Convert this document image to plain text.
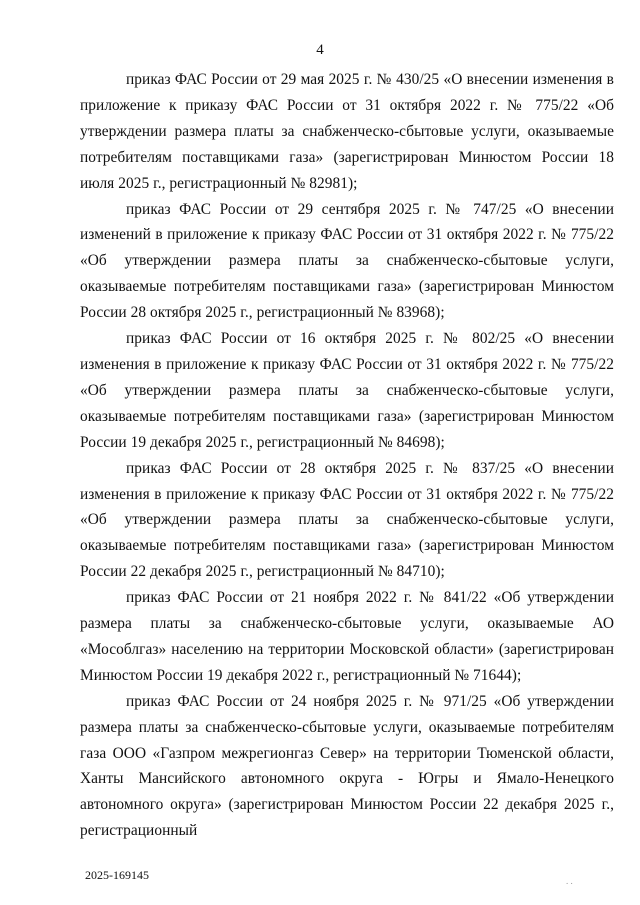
4

приказ ФАС России от 29 мая 2025 г. № 430/25 «О внесении изменения в приложение к приказу ФАС России от 31 октября 2022 г. № 775/22 «Об утверждении размера платы за снабженческо-сбытовые услуги, оказываемые потребителям поставщиками газа» (зарегистрирован Минюстом России 18 июля 2025 г., регистрационный № 82981);

приказ ФАС России от 29 сентября 2025 г. № 747/25 «О внесении изменений в приложение к приказу ФАС России от 31 октября 2022 г. № 775/22 «Об утверждении размера платы за снабженческо-сбытовые услуги, оказываемые потребителям поставщиками газа» (зарегистрирован Минюстом России 28 октября 2025 г., регистрационный № 83968);

приказ ФАС России от 16 октября 2025 г. № 802/25 «О внесении изменения в приложение к приказу ФАС России от 31 октября 2022 г. № 775/22 «Об утверждении размера платы за снабженческо-сбытовые услуги, оказываемые потребителям поставщиками газа» (зарегистрирован Минюстом России 19 декабря 2025 г., регистрационный № 84698);

приказ ФАС России от 28 октября 2025 г. № 837/25 «О внесении изменения в приложение к приказу ФАС России от 31 октября 2022 г. № 775/22 «Об утверждении размера платы за снабженческо-сбытовые услуги, оказываемые потребителям поставщиками газа» (зарегистрирован Минюстом России 22 декабря 2025 г., регистрационный № 84710);

приказ ФАС России от 21 ноября 2022 г. № 841/22 «Об утверждении размера платы за снабженческо-сбытовые услуги, оказываемые АО «Мособлгаз» населению на территории Московской области» (зарегистрирован Минюстом России 19 декабря 2022 г., регистрационный № 71644);

приказ ФАС России от 24 ноября 2025 г. № 971/25 «Об утверждении размера платы за снабженческо-сбытовые услуги, оказываемые потребителям газа ООО «Газпром межрегионгаз Север» на территории Тюменской области, Ханты Мансийского автономного округа - Югры и Ямало-Ненецкого автономного округа» (зарегистрирован Минюстом России 22 декабря 2025 г., регистрационный

2025-169145	. .
